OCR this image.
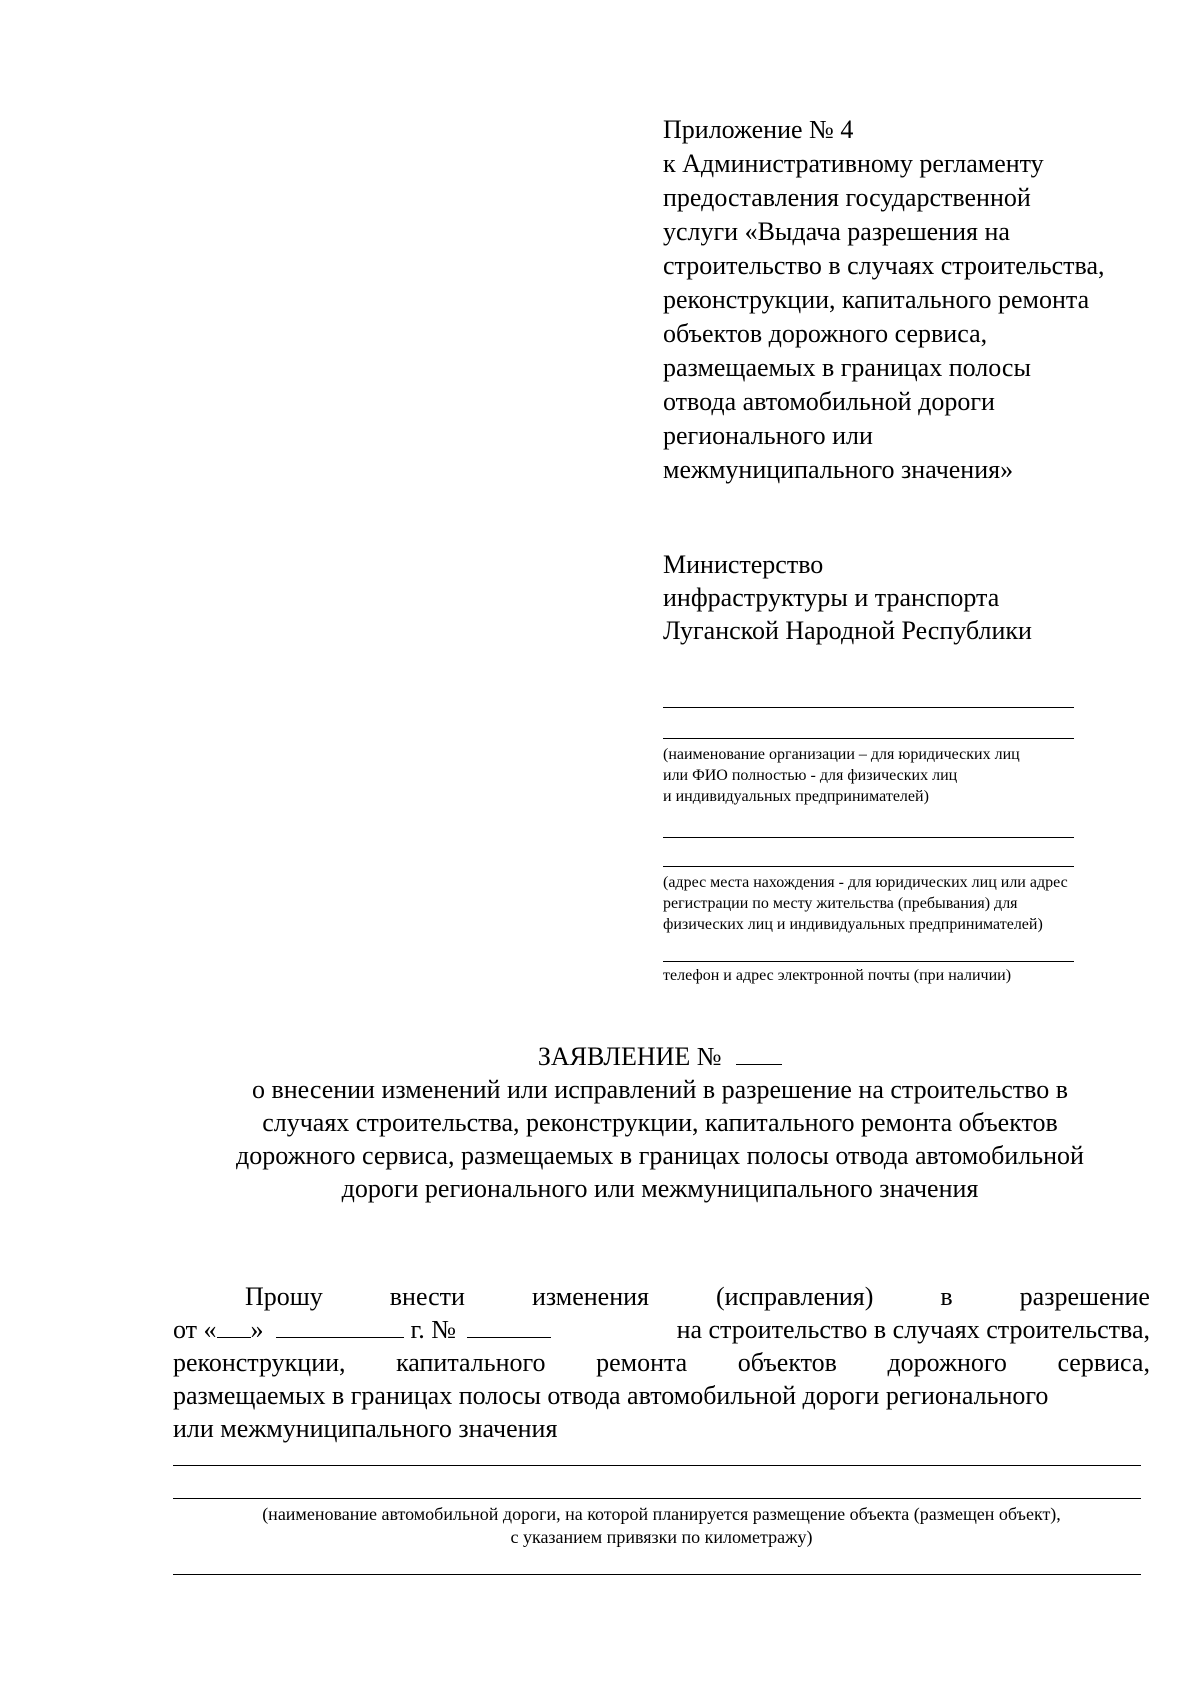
Приложение № 4
к Административному регламенту
предоставления государственной
услуги «Выдача разрешения на
строительство в случаях строительства,
реконструкции, капитального ремонта
объектов дорожного сервиса,
размещаемых в границах полосы
отвода автомобильной дороги
регионального или
межмуниципального значения»
Министерство
инфраструктуры и транспорта
Луганской Народной Республики
(наименование организации – для юридических лиц
или ФИО полностью - для физических лиц
и индивидуальных предпринимателей)
(адрес места нахождения - для юридических лиц или адрес
регистрации по месту жительства (пребывания) для
физических лиц и индивидуальных предпринимателей)
телефон и адрес электронной почты (при наличии)
ЗАЯВЛЕНИЕ №
о внесении изменений или исправлений в разрешение на строительство в
случаях строительства, реконструкции, капитального ремонта объектов
дорожного сервиса, размещаемых в границах полосы отвода автомобильной
дороги регионального или межмуниципального значения
Прошу	внести	изменения	(исправления)	в	разрешение
от « »	г. №	на строительство в случаях строительства,
реконструкции, капитального ремонта объектов дорожного сервиса,
размещаемых в границах полосы отвода автомобильной дороги регионального
или межмуниципального значения
(наименование автомобильной дороги, на которой планируется размещение объекта (размещен объект),
с указанием привязки по километражу)
